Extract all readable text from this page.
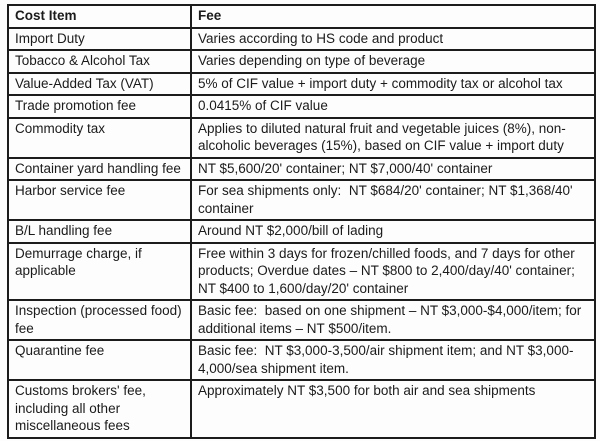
Cost Item	Fee
Import Duty	Varies according to HS code and product
Tobacco & Alcohol Tax	Varies depending on type of beverage
Value-Added Tax (VAT)	5% of CIF value + import duty + commodity tax or alcohol tax
Trade promotion fee	0.0415% of CIF value
Commodity tax	Applies to diluted natural fruit and vegetable juices (8%), non-alcoholic beverages (15%), based on CIF value + import duty
Container yard handling fee	NT $5,600/20' container; NT $7,000/40' container
Harbor service fee	For sea shipments only:  NT $684/20' container; NT $1,368/40' container
B/L handling fee	Around NT $2,000/bill of lading
Demurrage charge, if applicable	Free within 3 days for frozen/chilled foods, and 7 days for other products; Overdue dates – NT $800 to 2,400/day/40' container; NT $400 to 1,600/day/20' container
Inspection (processed food) fee	Basic fee:  based on one shipment – NT $3,000-$4,000/item; for additional items – NT $500/item.
Quarantine fee	Basic fee:  NT $3,000-3,500/air shipment item; and NT $3,000-4,000/sea shipment item.
Customs brokers' fee, including all other miscellaneous fees	Approximately NT $3,500 for both air and sea shipments
